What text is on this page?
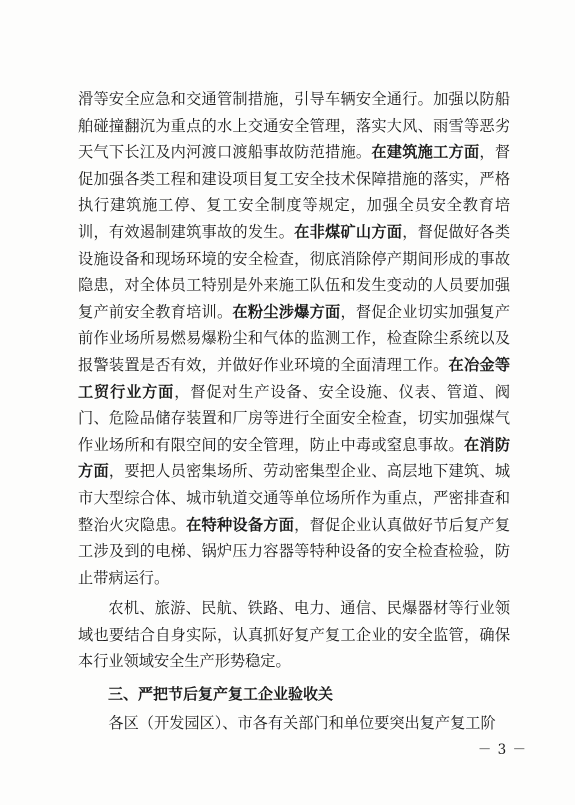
滑等安全应急和交通管制措施，引导车辆安全通行。加强以防船舶碰撞翻沉为重点的水上交通安全管理，落实大风、雨雪等恶劣天气下长江及内河渡口渡船事故防范措施。在建筑施工方面，督促加强各类工程和建设项目复工安全技术保障措施的落实，严格执行建筑施工停、复工安全制度等规定，加强全员安全教育培训，有效遏制建筑事故的发生。在非煤矿山方面，督促做好各类设施设备和现场环境的安全检查，彻底消除停产期间形成的事故隐患，对全体员工特别是外来施工队伍和发生变动的人员要加强复产前安全教育培训。在粉尘涉爆方面，督促企业切实加强复产前作业场所易燃易爆粉尘和气体的监测工作，检查除尘系统以及报警装置是否有效，并做好作业环境的全面清理工作。在冶金等工贸行业方面，督促对生产设备、安全设施、仪表、管道、阀门、危险品储存装置和厂房等进行全面安全检查，切实加强煤气作业场所和有限空间的安全管理，防止中毒或窒息事故。在消防方面，要把人员密集场所、劳动密集型企业、高层地下建筑、城市大型综合体、城市轨道交通等单位场所作为重点，严密排查和整治火灾隐患。在特种设备方面，督促企业认真做好节后复产复工涉及到的电梯、锅炉压力容器等特种设备的安全检查检验，防止带病运行。

农机、旅游、民航、铁路、电力、通信、民爆器材等行业领域也要结合自身实际，认真抓好复产复工企业的安全监管，确保本行业领域安全生产形势稳定。

三、严把节后复产复工企业验收关

各区（开发园区）、市各有关部门和单位要突出复产复工阶

－ 3 －
